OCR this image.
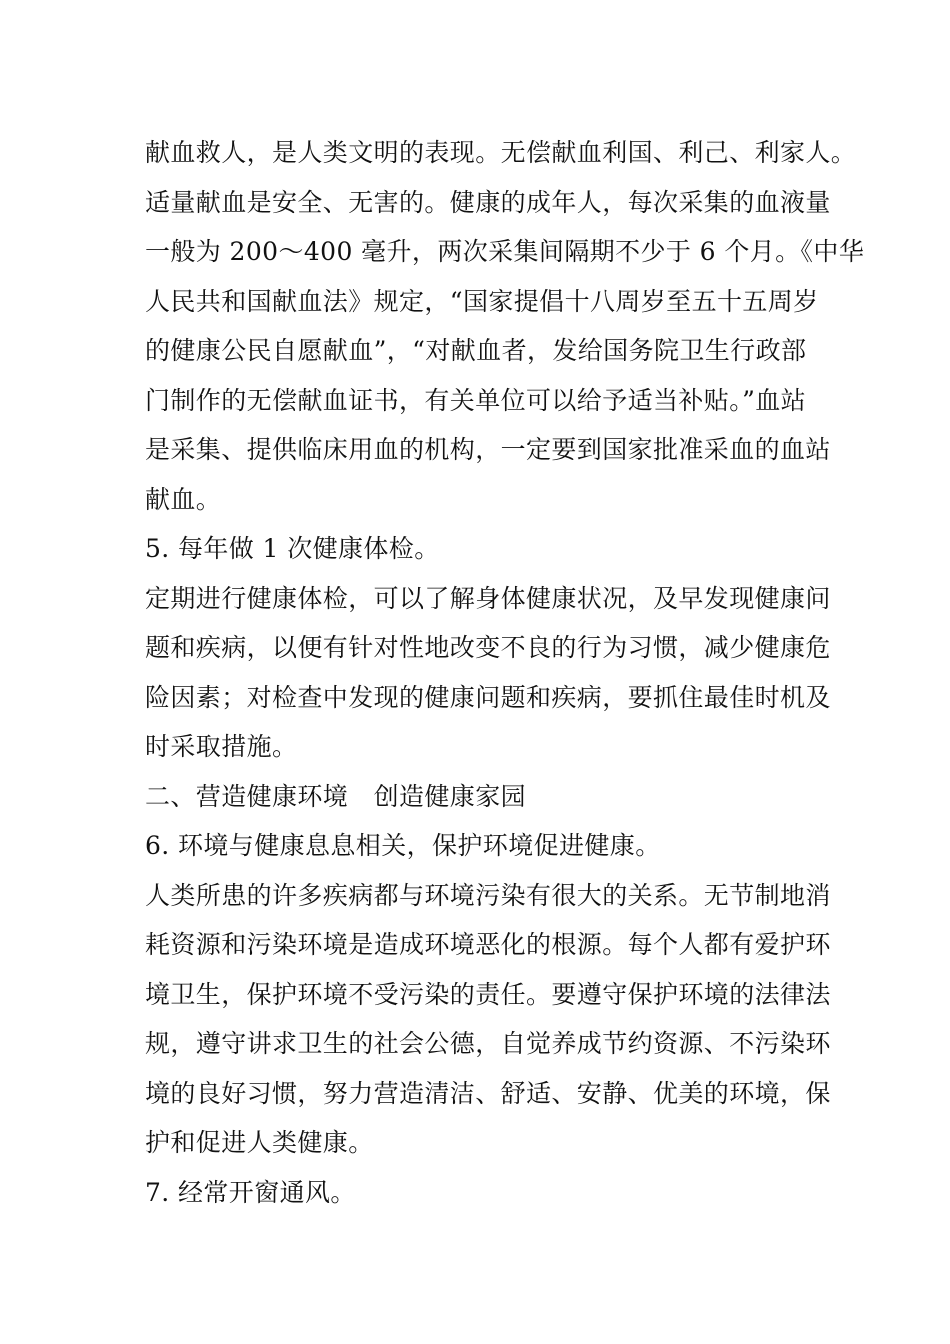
献血救人，是人类文明的表现。无偿献血利国、利己、利家人。
适量献血是安全、无害的。健康的成年人，每次采集的血液量
一般为 200～400 毫升，两次采集间隔期不少于 6 个月。《中华
人民共和国献血法》规定，“国家提倡十八周岁至五十五周岁
的健康公民自愿献血”，“对献血者，发给国务院卫生行政部
门制作的无偿献血证书，有关单位可以给予适当补贴。”血站
是采集、提供临床用血的机构，一定要到国家批准采血的血站
献血。
5. 每年做 1 次健康体检。
定期进行健康体检，可以了解身体健康状况，及早发现健康问
题和疾病，以便有针对性地改变不良的行为习惯，减少健康危
险因素；对检查中发现的健康问题和疾病，要抓住最佳时机及
时采取措施。
二、营造健康环境　创造健康家园
6. 环境与健康息息相关，保护环境促进健康。
人类所患的许多疾病都与环境污染有很大的关系。无节制地消
耗资源和污染环境是造成环境恶化的根源。每个人都有爱护环
境卫生，保护环境不受污染的责任。要遵守保护环境的法律法
规，遵守讲求卫生的社会公德，自觉养成节约资源、不污染环
境的良好习惯，努力营造清洁、舒适、安静、优美的环境，保
护和促进人类健康。
7. 经常开窗通风。
